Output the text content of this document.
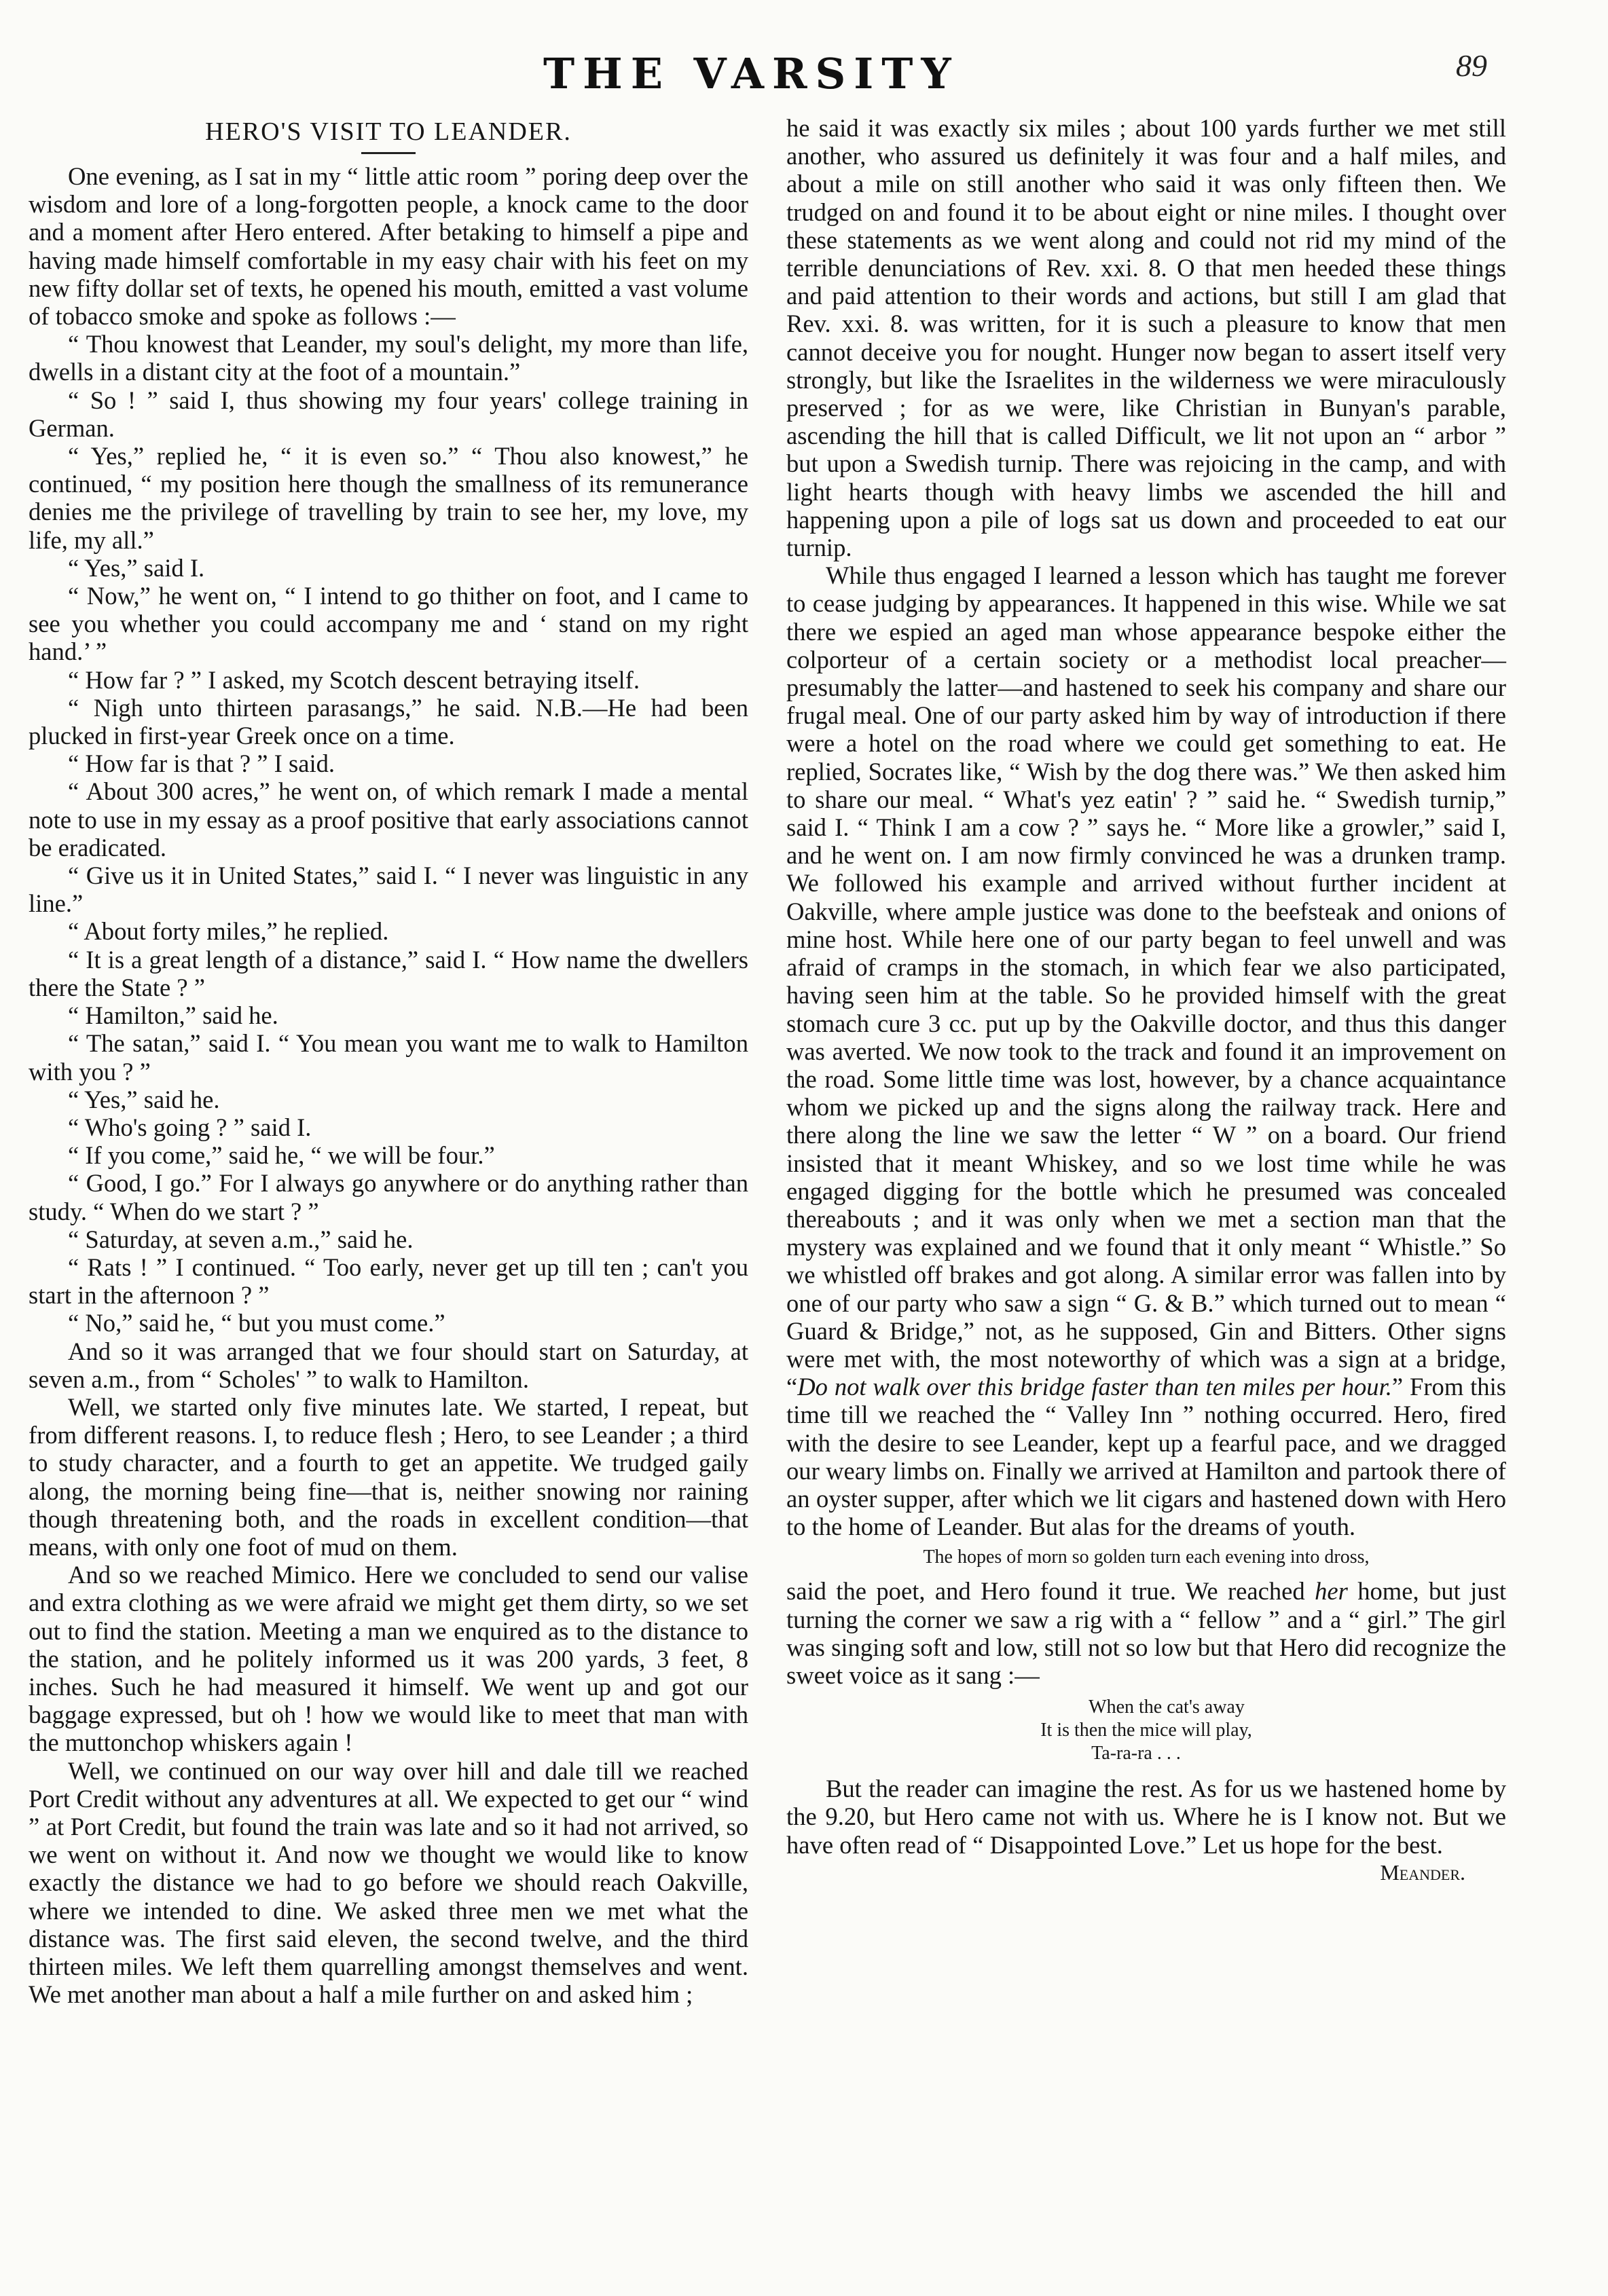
THE VARSITY	89
HERO'S VISIT TO LEANDER.

One evening, as I sat in my “ little attic room ” poring deep over the wisdom and lore of a long-forgotten people, a knock came to the door and a moment after Hero entered. After betaking to himself a pipe and having made himself comfortable in my easy chair with his feet on my new fifty dollar set of texts, he opened his mouth, emitted a vast volume of tobacco smoke and spoke as follows :—

“ Thou knowest that Leander, my soul's delight, my more than life, dwells in a distant city at the foot of a mountain.”

“ So ! ” said I, thus showing my four years' college training in German.

“ Yes,” replied he, “ it is even so.” “ Thou also knowest,” he continued, “ my position here though the smallness of its remunerance denies me the privilege of travelling by train to see her, my love, my life, my all.”

“ Yes,” said I.

“ Now,” he went on, “ I intend to go thither on foot, and I came to see you whether you could accompany me and ‘ stand on my right hand.’ ”

“ How far ? ” I asked, my Scotch descent betraying itself.

“ Nigh unto thirteen parasangs,” he said. N.B.—He had been plucked in first-year Greek once on a time.

“ How far is that ? ” I said.

“ About 300 acres,” he went on, of which remark I made a mental note to use in my essay as a proof positive that early associations cannot be eradicated.

“ Give us it in United States,” said I. “ I never was linguistic in any line.”

“ About forty miles,” he replied.

“ It is a great length of a distance,” said I. “ How name the dwellers there the State ? ”

“ Hamilton,” said he.

“ The satan,” said I. “ You mean you want me to walk to Hamilton with you ? ”

“ Yes,” said he.

“ Who's going ? ” said I.

“ If you come,” said he, “ we will be four.”

“ Good, I go.” For I always go anywhere or do anything rather than study. “ When do we start ? ”

“ Saturday, at seven a.m.,” said he.

“ Rats ! ” I continued. “ Too early, never get up till ten ; can't you start in the afternoon ? ”

“ No,” said he, “ but you must come.”

And so it was arranged that we four should start on Saturday, at seven a.m., from “ Scholes' ” to walk to Hamilton.

Well, we started only five minutes late. We started, I repeat, but from different reasons. I, to reduce flesh ; Hero, to see Leander ; a third to study character, and a fourth to get an appetite. We trudged gaily along, the morning being fine—that is, neither snowing nor raining though threatening both, and the roads in excellent condition—that means, with only one foot of mud on them.

And so we reached Mimico. Here we concluded to send our valise and extra clothing as we were afraid we might get them dirty, so we set out to find the station. Meeting a man we enquired as to the distance to the station, and he politely informed us it was 200 yards, 3 feet, 8 inches. Such he had measured it himself. We went up and got our baggage expressed, but oh ! how we would like to meet that man with the muttonchop whiskers again !

Well, we continued on our way over hill and dale till we reached Port Credit without any adventures at all. We expected to get our “ wind ” at Port Credit, but found the train was late and so it had not arrived, so we went on without it. And now we thought we would like to know exactly the distance we had to go before we should reach Oakville, where we intended to dine. We asked three men we met what the distance was. The first said eleven, the second twelve, and the third thirteen miles. We left them quarrelling amongst themselves and went. We met another man about a half a mile further on and asked him ;

he said it was exactly six miles ; about 100 yards further we met still another, who assured us definitely it was four and a half miles, and about a mile on still another who said it was only fifteen then. We trudged on and found it to be about eight or nine miles. I thought over these statements as we went along and could not rid my mind of the terrible denunciations of Rev. xxi. 8. O that men heeded these things and paid attention to their words and actions, but still I am glad that Rev. xxi. 8. was written, for it is such a pleasure to know that men cannot deceive you for nought. Hunger now began to assert itself very strongly, but like the Israelites in the wilderness we were miraculously preserved ; for as we were, like Christian in Bunyan's parable, ascending the hill that is called Difficult, we lit not upon an “ arbor ” but upon a Swedish turnip. There was rejoicing in the camp, and with light hearts though with heavy limbs we ascended the hill and happening upon a pile of logs sat us down and proceeded to eat our turnip.

While thus engaged I learned a lesson which has taught me forever to cease judging by appearances. It happened in this wise. While we sat there we espied an aged man whose appearance bespoke either the colporteur of a certain society or a methodist local preacher—presumably the latter—and hastened to seek his company and share our frugal meal. One of our party asked him by way of introduction if there were a hotel on the road where we could get something to eat. He replied, Socrates like, “ Wish by the dog there was.” We then asked him to share our meal. “ What's yez eatin' ? ” said he. “ Swedish turnip,” said I. “ Think I am a cow ? ” says he. “ More like a growler,” said I, and he went on. I am now firmly convinced he was a drunken tramp. We followed his example and arrived without further incident at Oakville, where ample justice was done to the beefsteak and onions of mine host. While here one of our party began to feel unwell and was afraid of cramps in the stomach, in which fear we also participated, having seen him at the table. So he provided himself with the great stomach cure 3 cc. put up by the Oakville doctor, and thus this danger was averted. We now took to the track and found it an improvement on the road. Some little time was lost, however, by a chance acquaintance whom we picked up and the signs along the railway track. Here and there along the line we saw the letter “ W ” on a board. Our friend insisted that it meant Whiskey, and so we lost time while he was engaged digging for the bottle which he presumed was concealed thereabouts ; and it was only when we met a section man that the mystery was explained and we found that it only meant “ Whistle.” So we whistled off brakes and got along. A similar error was fallen into by one of our party who saw a sign “ G. & B.” which turned out to mean “ Guard & Bridge,” not, as he supposed, Gin and Bitters. Other signs were met with, the most noteworthy of which was a sign at a bridge, “Do not walk over this bridge faster than ten miles per hour.” From this time till we reached the “ Valley Inn ” nothing occurred. Hero, fired with the desire to see Leander, kept up a fearful pace, and we dragged our weary limbs on. Finally we arrived at Hamilton and partook there of an oyster supper, after which we lit cigars and hastened down with Hero to the home of Leander. But alas for the dreams of youth.

The hopes of morn so golden turn each evening into dross,

said the poet, and Hero found it true. We reached her home, but just turning the corner we saw a rig with a “ fellow ” and a “ girl.” The girl was singing soft and low, still not so low but that Hero did recognize the sweet voice as it sang :—

When the cat's away
It is then the mice will play,
Ta-ra-ra . . .

But the reader can imagine the rest. As for us we hastened home by the 9.20, but Hero came not with us. Where he is I know not. But we have often read of “ Disappointed Love.” Let us hope for the best.

Meander.
